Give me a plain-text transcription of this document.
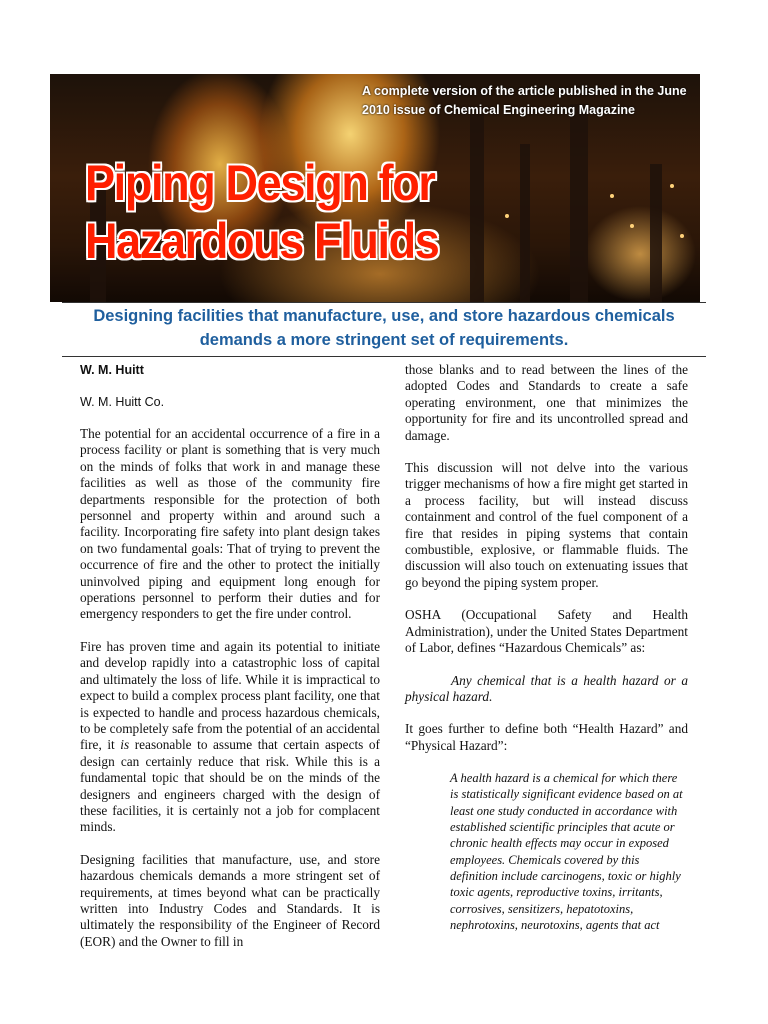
A complete version of the article published in the June 2010 issue of Chemical Engineering Magazine
Piping Design for
Hazardous Fluids
Designing facilities that manufacture, use, and store hazardous chemicals demands a more stringent set of requirements.

W. M. Huitt

W. M. Huitt Co.

The potential for an accidental occurrence of a fire in a process facility or plant is something that is very much on the minds of folks that work in and manage these facilities as well as those of the community fire departments responsible for the protection of both personnel and property within and around such a facility. Incorporating fire safety into plant design takes on two fundamental goals: That of trying to prevent the occurrence of fire and the other to protect the initially uninvolved piping and equipment long enough for operations personnel to perform their duties and for emergency responders to get the fire under control.

Fire has proven time and again its potential to initiate and develop rapidly into a catastrophic loss of capital and ultimately the loss of life. While it is impractical to expect to build a complex process plant facility, one that is expected to handle and process hazardous chemicals, to be completely safe from the potential of an accidental fire, it is reasonable to assume that certain aspects of design can certainly reduce that risk. While this is a fundamental topic that should be on the minds of the designers and engineers charged with the design of these facilities, it is certainly not a job for complacent minds.

Designing facilities that manufacture, use, and store hazardous chemicals demands a more stringent set of requirements, at times beyond what can be practically written into Industry Codes and Standards. It is ultimately the responsibility of the Engineer of Record (EOR) and the Owner to fill in

those blanks and to read between the lines of the adopted Codes and Standards to create a safe operating environment, one that minimizes the opportunity for fire and its uncontrolled spread and damage.

This discussion will not delve into the various trigger mechanisms of how a fire might get started in a process facility, but will instead discuss containment and control of the fuel component of a fire that resides in piping systems that contain combustible, explosive, or flammable fluids. The discussion will also touch on extenuating issues that go beyond the piping system proper.

OSHA (Occupational Safety and Health Administration), under the United States Department of Labor, defines “Hazardous Chemicals” as:

Any chemical that is a health hazard or a physical hazard.

It goes further to define both “Health Hazard” and “Physical Hazard”:

A health hazard is a chemical for which there is statistically significant evidence based on at least one study conducted in accordance with established scientific principles that acute or chronic health effects may occur in exposed employees. Chemicals covered by this definition include carcinogens, toxic or highly toxic agents, reproductive toxins, irritants, corrosives, sensitizers, hepatotoxins, nephrotoxins, neurotoxins, agents that act
